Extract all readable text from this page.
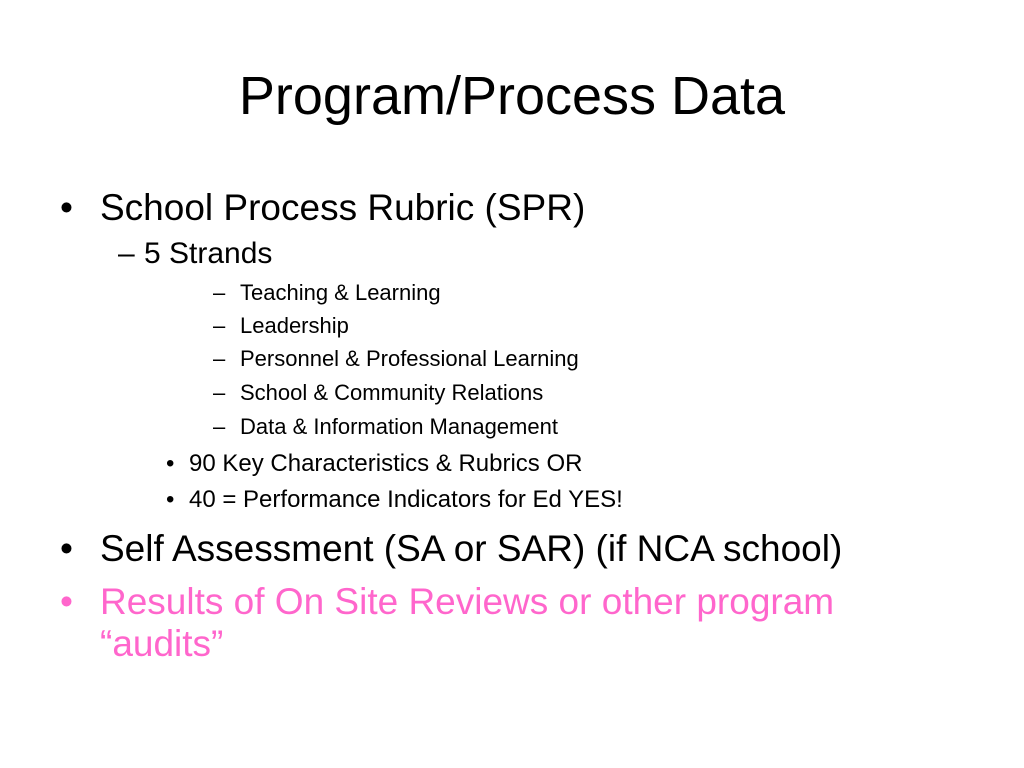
Program/Process Data
• School Process Rubric (SPR)
– 5 Strands
– Teaching & Learning
– Leadership
– Personnel & Professional Learning
– School & Community Relations
– Data & Information Management
• 90 Key Characteristics & Rubrics OR
• 40 = Performance Indicators for Ed YES!
• Self Assessment (SA or SAR) (if NCA school)
• Results of On Site Reviews or other program
“audits”
